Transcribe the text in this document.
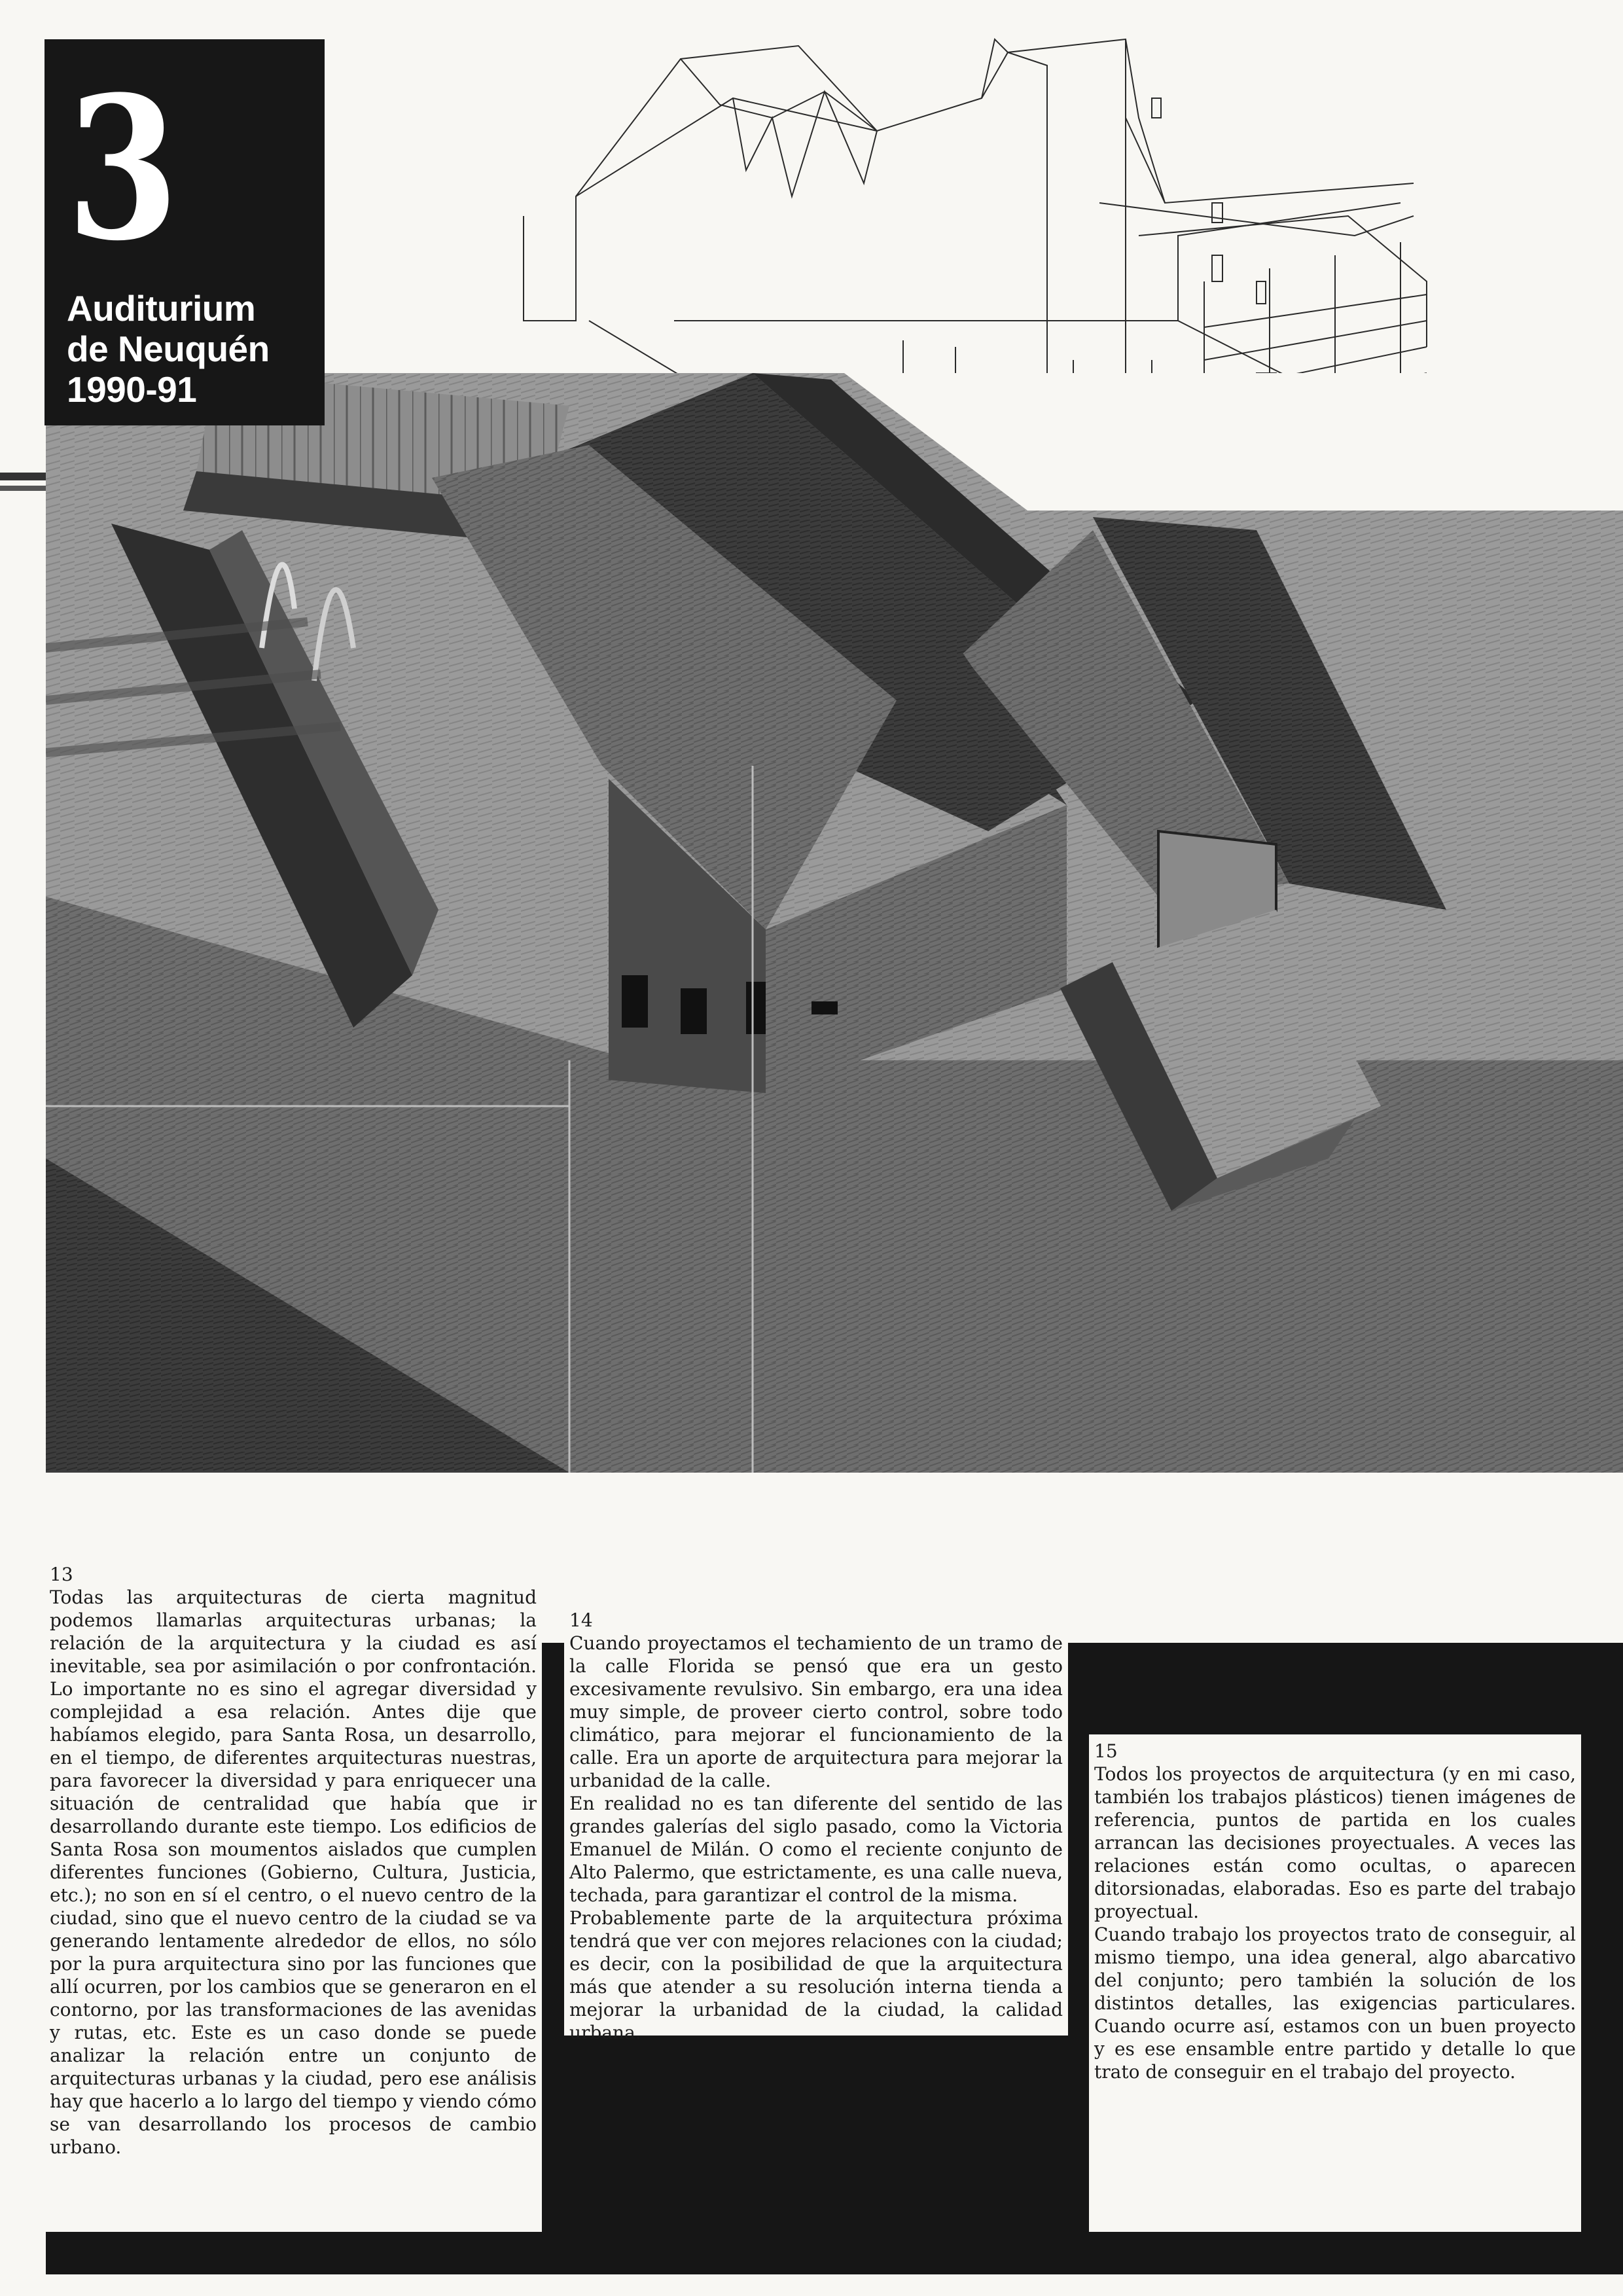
3
Auditurium
de Neuquén
1990-91
13

Todas las arquitecturas de cierta magnitud podemos llamarlas arquitecturas urbanas; la relación de la arquitectura y la ciudad es así inevitable, sea por asimilación o por confrontación. Lo importante no es sino el agregar diversidad y complejidad a esa relación. Antes dije que habíamos elegido, para Santa Rosa, un desarrollo, en el tiempo, de diferentes arquitecturas nuestras, para favorecer la diversidad y para enriquecer una situación de centralidad que había que ir desarrollando durante este tiempo. Los edificios de Santa Rosa son moumentos aislados que cumplen diferentes funciones (Gobierno, Cultura, Justicia, etc.); no son en sí el centro, o el nuevo centro de la ciudad, sino que el nuevo centro de la ciudad se va generando lentamente alrededor de ellos, no sólo por la pura arquitectura sino por las funciones que allí ocurren, por los cambios que se generaron en el contorno, por las transformaciones de las avenidas y rutas, etc. Este es un caso donde se puede analizar la relación entre un conjunto de arquitecturas urbanas y la ciudad, pero ese análisis hay que hacerlo a lo largo del tiempo y viendo cómo se van desarrollando los procesos de cambio urbano.

14

Cuando proyectamos el techamiento de un tramo de la calle Florida se pensó que era un gesto excesivamente revulsivo. Sin embargo, era una idea muy simple, de proveer cierto control, sobre todo climático, para mejorar el funcionamiento de la calle. Era un aporte de arquitectura para mejorar la urbanidad de la calle.

En realidad no es tan diferente del sentido de las grandes galerías del siglo pasado, como la Victoria Emanuel de Milán. O como el reciente conjunto de Alto Palermo, que estrictamente, es una calle nueva, techada, para garantizar el control de la misma.

Probablemente parte de la arquitectura próxima tendrá que ver con mejores relaciones con la ciudad; es decir, con la posibilidad de que la arquitectura más que atender a su resolución interna tienda a mejorar la urbanidad de la ciudad, la calidad urbana.

15

Todos los proyectos de arquitectura (y en mi caso, también los trabajos plásticos) tienen imágenes de referencia, puntos de partida en los cuales arrancan las decisiones proyectuales. A veces las relaciones están como ocultas, o aparecen ditorsionadas, elaboradas. Eso es parte del trabajo proyectual.

Cuando trabajo los proyectos trato de conseguir, al mismo tiempo, una idea general, algo abarcativo del conjunto; pero también la solución de los distintos detalles, las exigencias particulares. Cuando ocurre así, estamos con un buen proyecto y es ese ensamble entre partido y detalle lo que trato de conseguir en el trabajo del proyecto.
